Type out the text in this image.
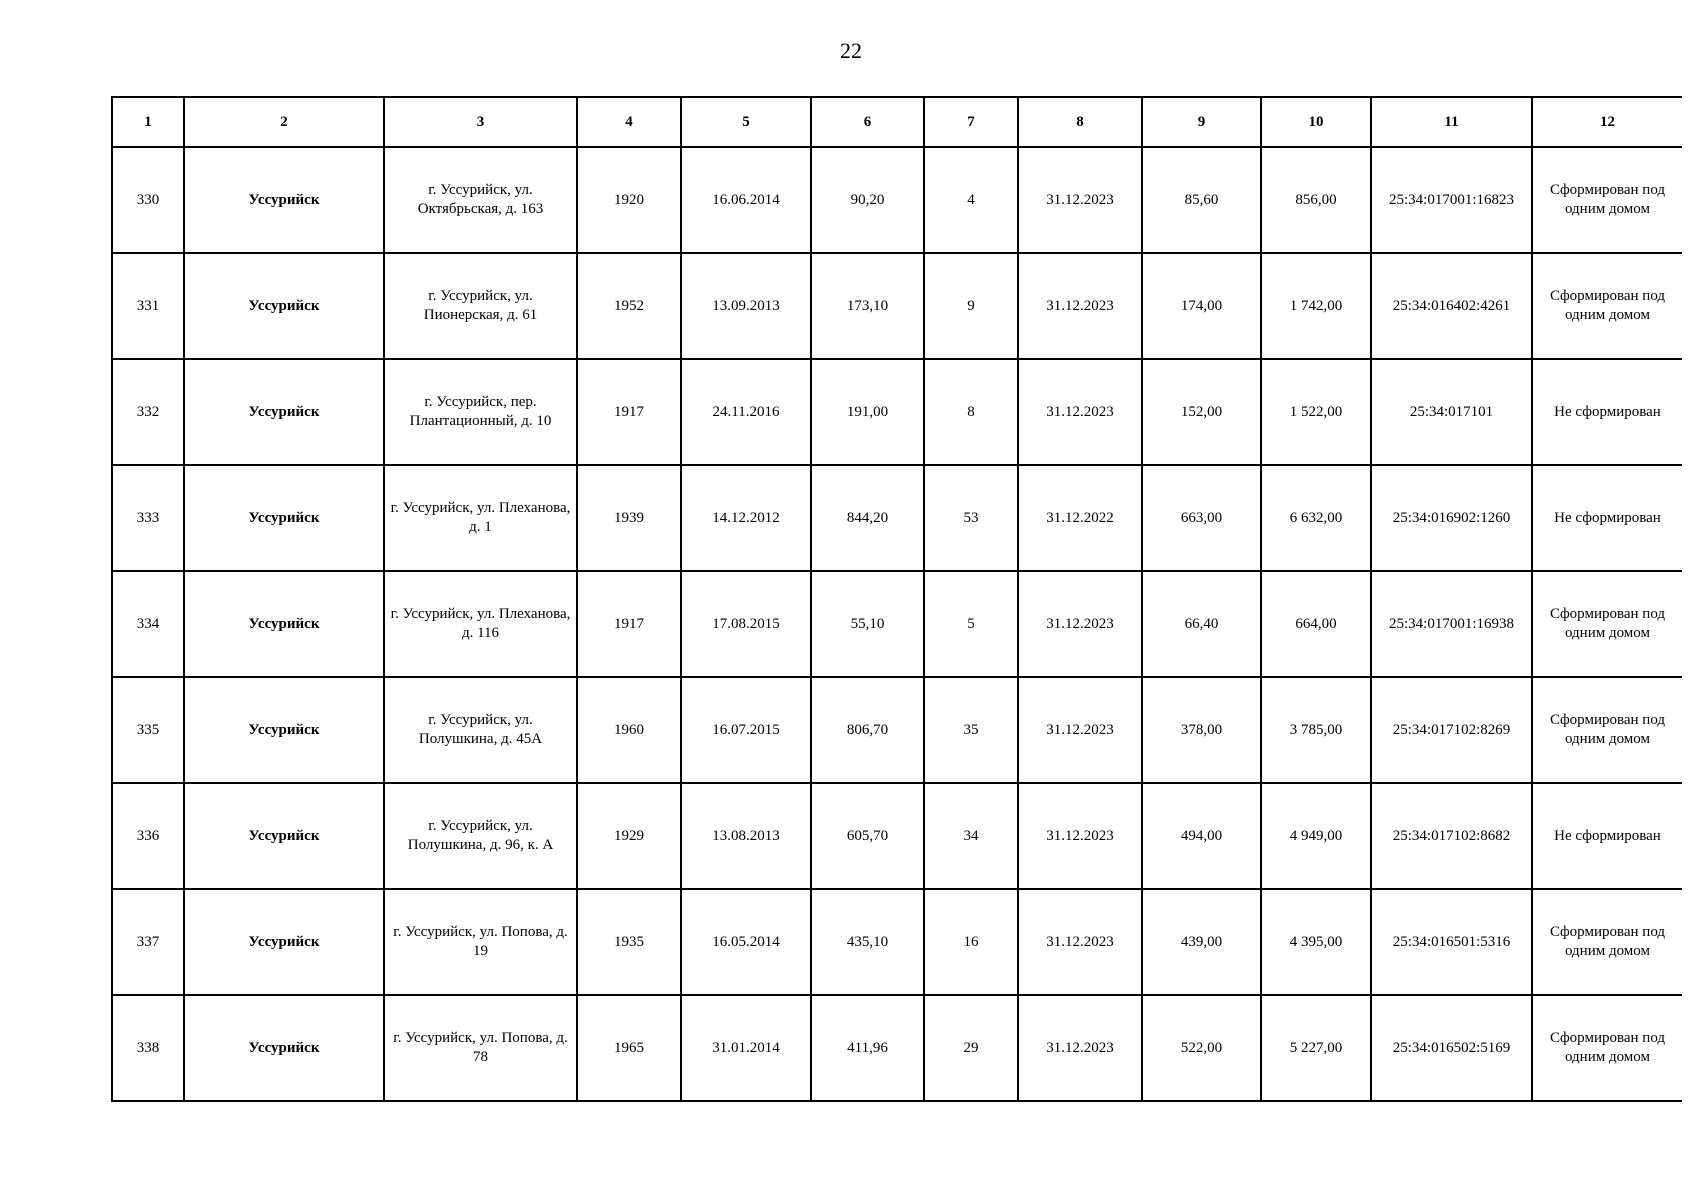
22
1	2	3	4	5	6	7	8	9	10	11	12
330	Уссурийск	г. Уссурийск, ул. Октябрьская, д. 163	1920	16.06.2014	90,20	4	31.12.2023	85,60	856,00	25:34:017001:16823	Сформирован под одним домом
331	Уссурийск	г. Уссурийск, ул. Пионерская, д. 61	1952	13.09.2013	173,10	9	31.12.2023	174,00	1 742,00	25:34:016402:4261	Сформирован под одним домом
332	Уссурийск	г. Уссурийск, пер. Плантационный, д. 10	1917	24.11.2016	191,00	8	31.12.2023	152,00	1 522,00	25:34:017101	Не сформирован
333	Уссурийск	г. Уссурийск, ул. Плеханова, д. 1	1939	14.12.2012	844,20	53	31.12.2022	663,00	6 632,00	25:34:016902:1260	Не сформирован
334	Уссурийск	г. Уссурийск, ул. Плеханова, д. 116	1917	17.08.2015	55,10	5	31.12.2023	66,40	664,00	25:34:017001:16938	Сформирован под одним домом
335	Уссурийск	г. Уссурийск, ул. Полушкина, д. 45А	1960	16.07.2015	806,70	35	31.12.2023	378,00	3 785,00	25:34:017102:8269	Сформирован под одним домом
336	Уссурийск	г. Уссурийск, ул. Полушкина, д. 96, к. А	1929	13.08.2013	605,70	34	31.12.2023	494,00	4 949,00	25:34:017102:8682	Не сформирован
337	Уссурийск	г. Уссурийск, ул. Попова, д. 19	1935	16.05.2014	435,10	16	31.12.2023	439,00	4 395,00	25:34:016501:5316	Сформирован под одним домом
338	Уссурийск	г. Уссурийск, ул. Попова, д. 78	1965	31.01.2014	411,96	29	31.12.2023	522,00	5 227,00	25:34:016502:5169	Сформирован под одним домом
